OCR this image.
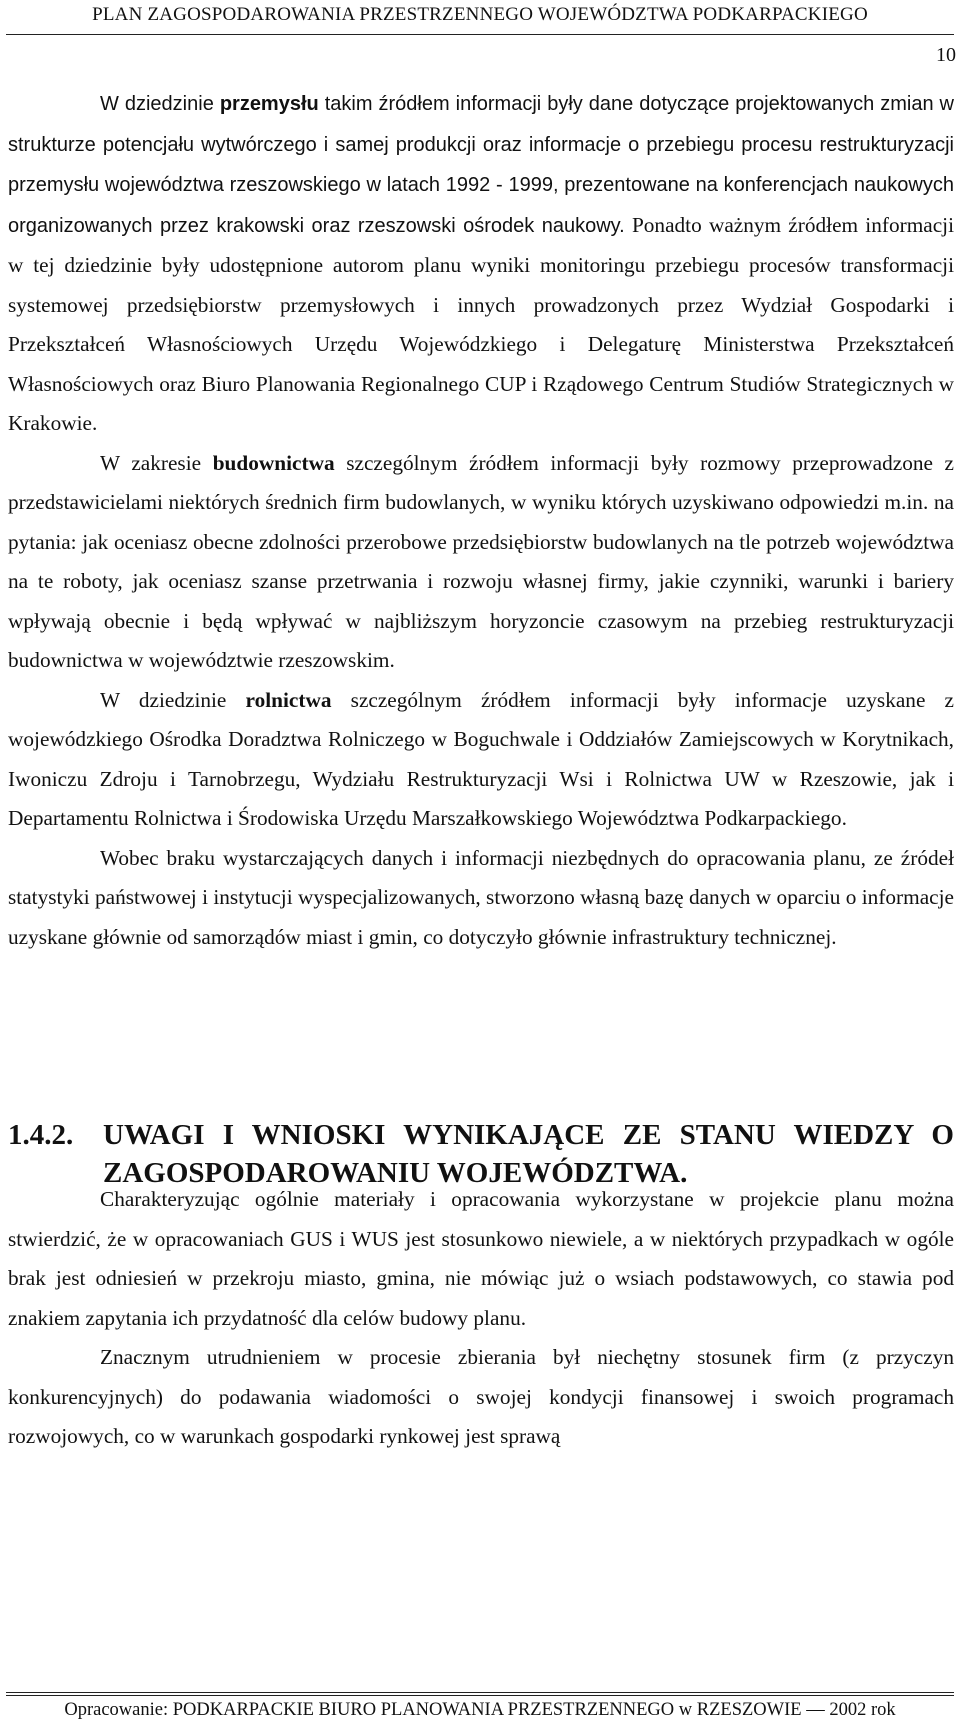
PLAN ZAGOSPODAROWANIA PRZESTRZENNEGO WOJEWÓDZTWA PODKARPACKIEGO
10

W dziedzinie przemysłu takim źródłem informacji były dane dotyczące projektowanych zmian w strukturze potencjału wytwórczego i samej produkcji oraz informacje o przebiegu procesu restrukturyzacji przemysłu województwa rzeszowskiego w latach 1992 - 1999, prezentowane na konferencjach naukowych organizowanych przez krakowski oraz rzeszowski ośrodek naukowy. Ponadto ważnym źródłem informacji w tej dziedzinie były udostępnione autorom planu wyniki monitoringu przebiegu procesów transformacji systemowej przedsiębiorstw przemysłowych i innych prowadzonych przez Wydział Gospodarki i Przekształceń Własnościowych Urzędu Wojewódzkiego i Delegaturę Ministerstwa Przekształceń Własnościowych oraz Biuro Planowania Regionalnego CUP i Rządowego Centrum Studiów Strategicznych w Krakowie.

W zakresie budownictwa szczególnym źródłem informacji były rozmowy przeprowadzone z przedstawicielami niektórych średnich firm budowlanych, w wyniku których uzyskiwano odpowiedzi m.in. na pytania: jak oceniasz obecne zdolności przerobowe przedsiębiorstw budowlanych na tle potrzeb województwa na te roboty, jak oceniasz szanse przetrwania i rozwoju własnej firmy, jakie czynniki, warunki i bariery wpływają obecnie i będą wpływać w najbliższym horyzoncie czasowym na przebieg restrukturyzacji budownictwa w województwie rzeszowskim.

W dziedzinie rolnictwa szczególnym źródłem informacji były informacje uzyskane z wojewódzkiego Ośrodka Doradztwa Rolniczego w Boguchwale i Oddziałów Zamiejscowych w Korytnikach, Iwoniczu Zdroju i Tarnobrzegu, Wydziału Restrukturyzacji Wsi i Rolnictwa UW w Rzeszowie, jak i Departamentu Rolnictwa i Środowiska Urzędu Marszałkowskiego Województwa Podkarpackiego.

Wobec braku wystarczających danych i informacji niezbędnych do opracowania planu, ze źródeł statystyki państwowej i instytucji wyspecjalizowanych, stworzono własną bazę danych w oparciu o informacje uzyskane głównie od samorządów miast i gmin, co dotyczyło głównie infrastruktury technicznej.

1.4.2. UWAGI I WNIOSKI WYNIKAJĄCE ZE STANU WIEDZY O ZAGOSPODAROWANIU WOJEWÓDZTWA.

Charakteryzując ogólnie materiały i opracowania wykorzystane w projekcie planu można stwierdzić, że w opracowaniach GUS i WUS jest stosunkowo niewiele, a w niektórych przypadkach w ogóle brak jest odniesień w przekroju miasto, gmina, nie mówiąc już o wsiach podstawowych, co stawia pod znakiem zapytania ich przydatność dla celów budowy planu.

Znacznym utrudnieniem w procesie zbierania był niechętny stosunek firm (z przyczyn konkurencyjnych) do podawania wiadomości o swojej kondycji finansowej i swoich programach rozwojowych, co w warunkach gospodarki rynkowej jest sprawą

Opracowanie: PODKARPACKIE BIURO PLANOWANIA PRZESTRZENNEGO w RZESZOWIE — 2002 rok
